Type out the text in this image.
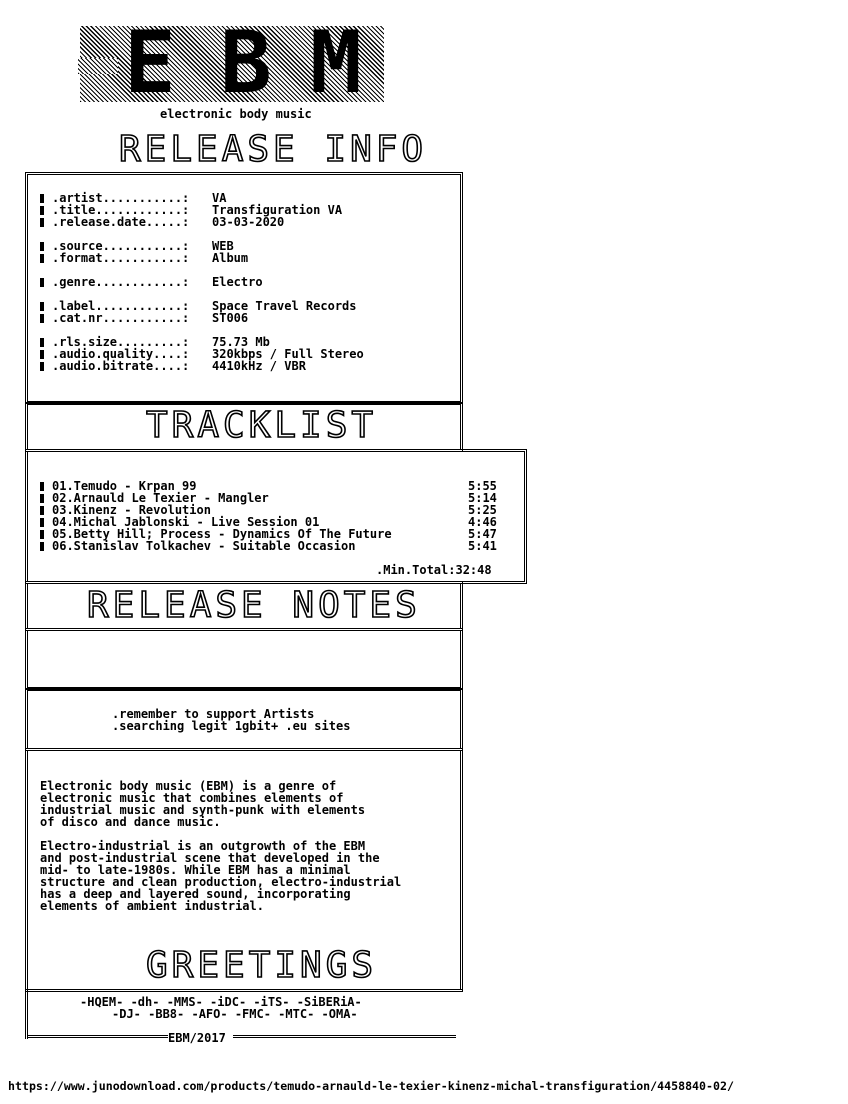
E B M
electronic body music
RELEASE INFO
.artist...........: VA
.title............: Transfiguration VA
.release.date.....: 03-03-2020
.source...........: WEB
.format...........: Album
.genre............: Electro
.label............: Space Travel Records
.cat.nr...........: ST006
.rls.size.........: 75.73 Mb
.audio.quality....: 320kbps / Full Stereo
.audio.bitrate....: 4410kHz / VBR
TRACKLIST
01.Temudo - Krpan 99	5:55
02.Arnauld Le Texier - Mangler	5:14
03.Kinenz - Revolution	5:25
04.Michal Jablonski - Live Session 01	4:46
05.Betty Hill; Process - Dynamics Of The Future	5:47
06.Stanislav Tolkachev - Suitable Occasion	5:41
.Min.Total:32:48
RELEASE NOTES
.remember to support Artists
.searching legit 1gbit+ .eu sites
Electronic body music (EBM) is a genre of
electronic music that combines elements of
industrial music and synth-punk with elements
of disco and dance music.
Electro-industrial is an outgrowth of the EBM
and post-industrial scene that developed in the
mid- to late-1980s. While EBM has a minimal
structure and clean production, electro-industrial
has a deep and layered sound, incorporating
elements of ambient industrial.
GREETINGS
-HQEM- -dh- -MMS- -iDC- -iTS- -SiBERiA-
-DJ- -BB8- -AFO- -FMC- -MTC- -OMA-
EBM/2017
https://www.junodownload.com/products/temudo-arnauld-le-texier-kinenz-michal-transfiguration/4458840-02/
